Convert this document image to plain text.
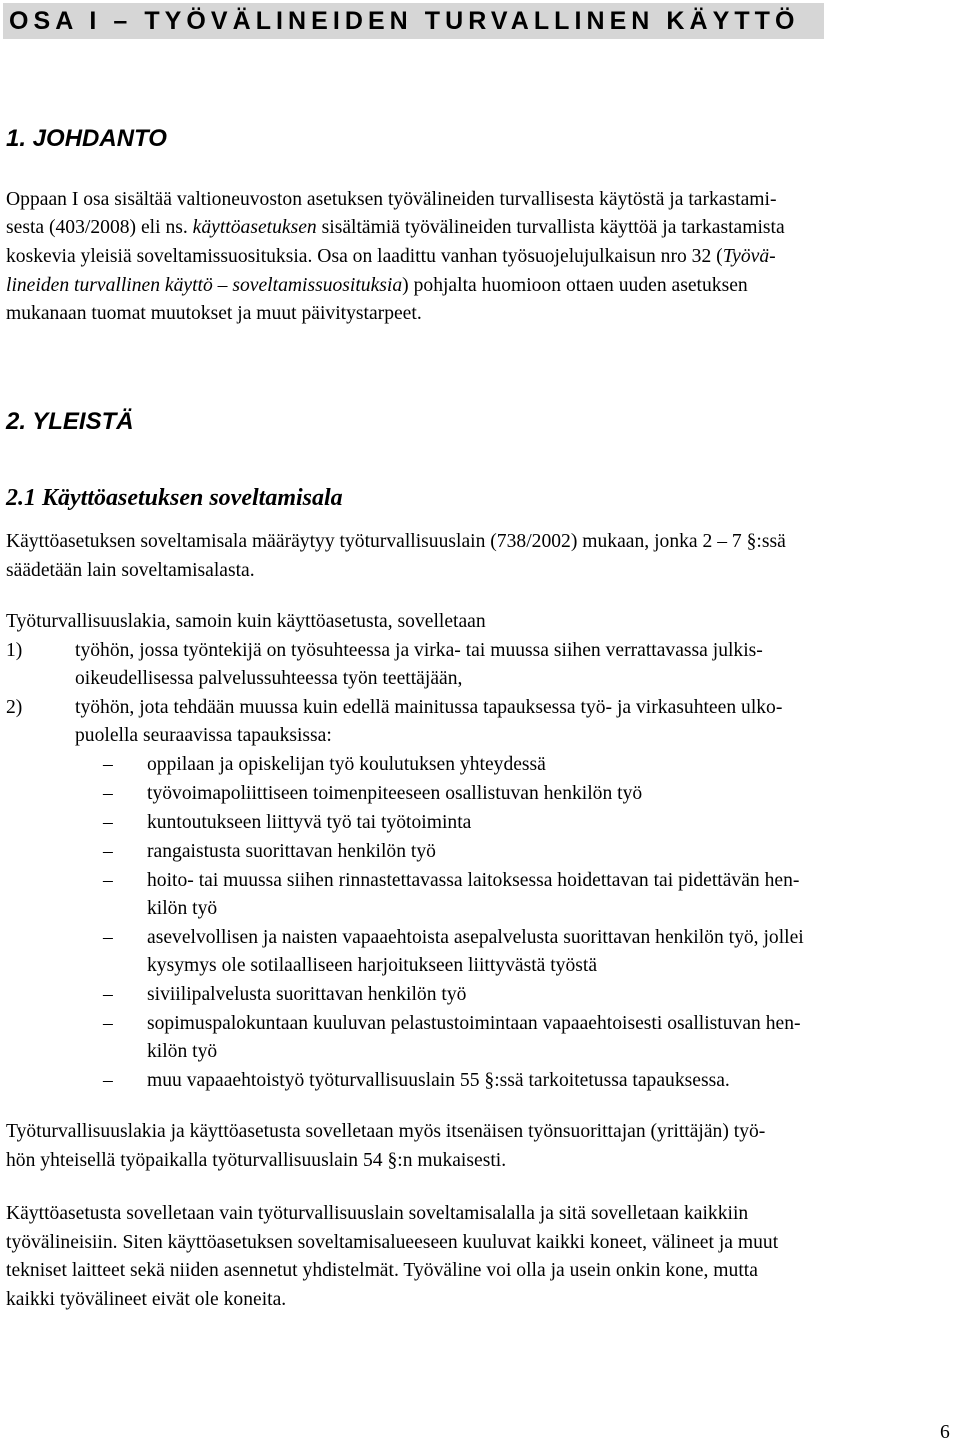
OSA I – TYÖVÄLINEIDEN TURVALLINEN KÄYTTÖ
1. JOHDANTO
Oppaan I osa sisältää valtioneuvoston asetuksen työvälineiden turvallisesta käytöstä ja tarkastami-
sesta (403/2008) eli ns. käyttöasetuksen sisältämiä työvälineiden turvallista käyttöä ja tarkastamista
koskevia yleisiä soveltamissuosituksia. Osa on laadittu vanhan työsuojelujulkaisun nro 32 (Työvä-
lineiden turvallinen käyttö – soveltamissuosituksia) pohjalta huomioon ottaen uuden asetuksen
mukanaan tuomat muutokset ja muut päivitystarpeet.
2. YLEISTÄ
2.1 Käyttöasetuksen soveltamisala
Käyttöasetuksen soveltamisala määräytyy työturvallisuuslain (738/2002) mukaan, jonka 2 – 7 §:ssä
säädetään lain soveltamisalasta.
Työturvallisuuslakia, samoin kuin käyttöasetusta, sovelletaan
1)	työhön, jossa työntekijä on työsuhteessa ja virka- tai muussa siihen verrattavassa julkis-
oikeudellisessa palvelussuhteessa työn teettäjään,
2)	työhön, jota tehdään muussa kuin edellä mainitussa tapauksessa työ- ja virkasuhteen ulko-
puolella seuraavissa tapauksissa:
– oppilaan ja opiskelijan työ koulutuksen yhteydessä
– työvoimapoliittiseen toimenpiteeseen osallistuvan henkilön työ
– kuntoutukseen liittyvä työ tai työtoiminta
– rangaistusta suorittavan henkilön työ
– hoito- tai muussa siihen rinnastettavassa laitoksessa hoidettavan tai pidettävän hen-
kilön työ
– asevelvollisen ja naisten vapaaehtoista asepalvelusta suorittavan henkilön työ, jollei
kysymys ole sotilaalliseen harjoitukseen liittyvästä työstä
– siviilipalvelusta suorittavan henkilön työ
– sopimuspalokuntaan kuuluvan pelastustoimintaan vapaaehtoisesti osallistuvan hen-
kilön työ
– muu vapaaehtoistyö työturvallisuuslain 55 §:ssä tarkoitetussa tapauksessa.
Työturvallisuuslakia ja käyttöasetusta sovelletaan myös itsenäisen työnsuorittajan (yrittäjän) työ-
hön yhteisellä työpaikalla työturvallisuuslain 54 §:n mukaisesti.
Käyttöasetusta sovelletaan vain työturvallisuuslain soveltamisalalla ja sitä sovelletaan kaikkiin
työvälineisiin. Siten käyttöasetuksen soveltamisalueeseen kuuluvat kaikki koneet, välineet ja muut
tekniset laitteet sekä niiden asennetut yhdistelmät. Työväline voi olla ja usein onkin kone, mutta
kaikki työvälineet eivät ole koneita.
6
